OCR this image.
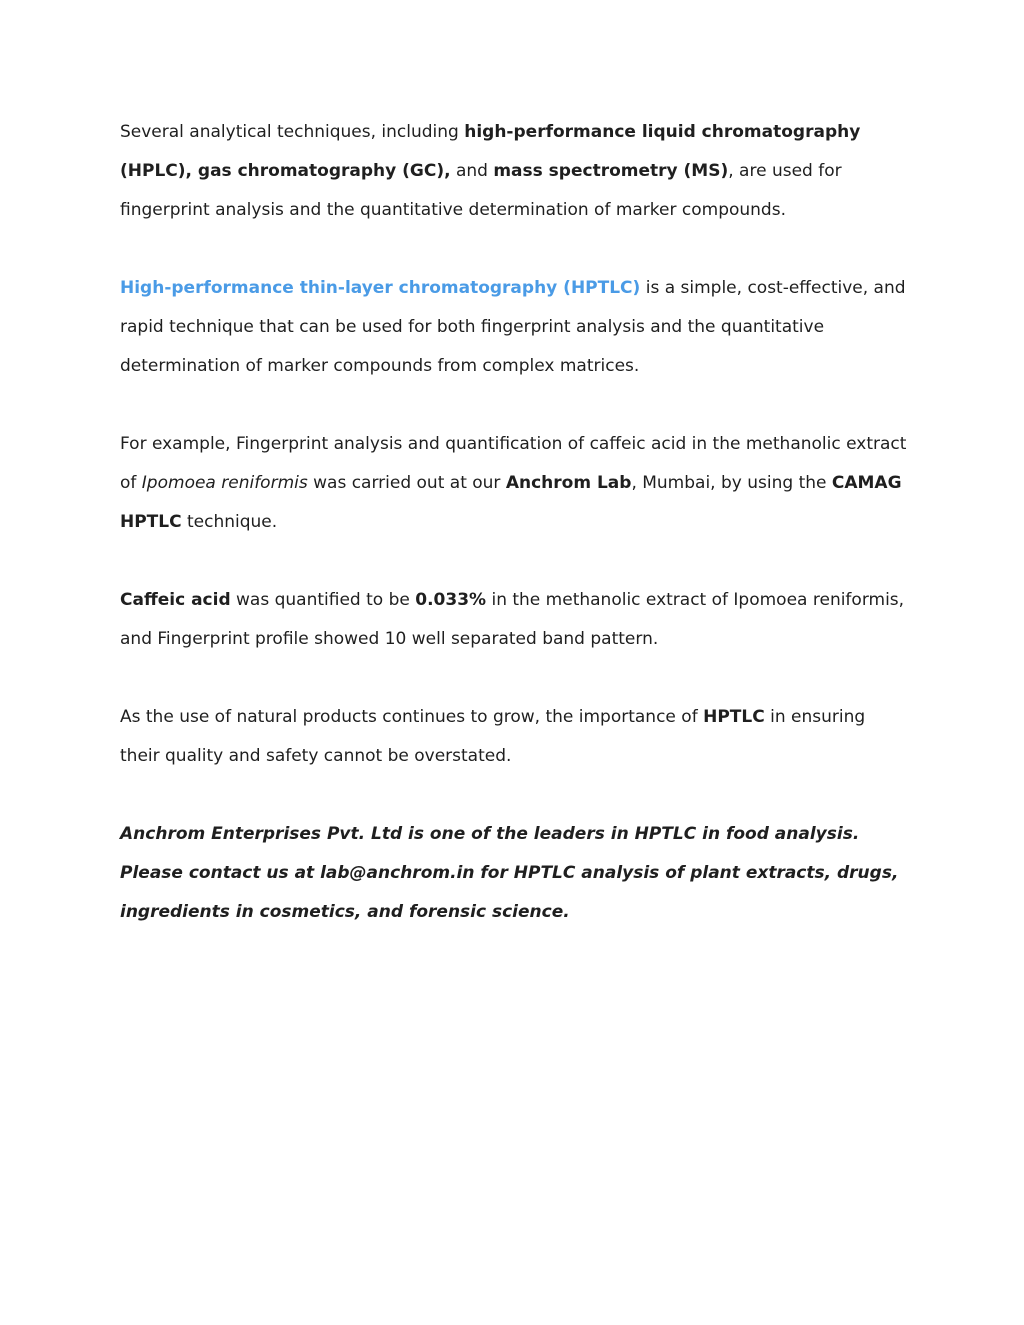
Several analytical techniques, including high-performance liquid chromatography (HPLC), gas chromatography (GC), and mass spectrometry (MS), are used for fingerprint analysis and the quantitative determination of marker compounds.

High-performance thin-layer chromatography (HPTLC) is a simple, cost-effective, and rapid technique that can be used for both fingerprint analysis and the quantitative determination of marker compounds from complex matrices.

For example, Fingerprint analysis and quantification of caffeic acid in the methanolic extract of Ipomoea reniformis was carried out at our Anchrom Lab, Mumbai, by using the CAMAG HPTLC technique.

Caffeic acid was quantified to be 0.033% in the methanolic extract of Ipomoea reniformis, and Fingerprint profile showed 10 well separated band pattern.

As the use of natural products continues to grow, the importance of HPTLC in ensuring their quality and safety cannot be overstated.

Anchrom Enterprises Pvt. Ltd is one of the leaders in HPTLC in food analysis. Please contact us at lab@anchrom.in for HPTLC analysis of plant extracts, drugs, ingredients in cosmetics, and forensic science.
